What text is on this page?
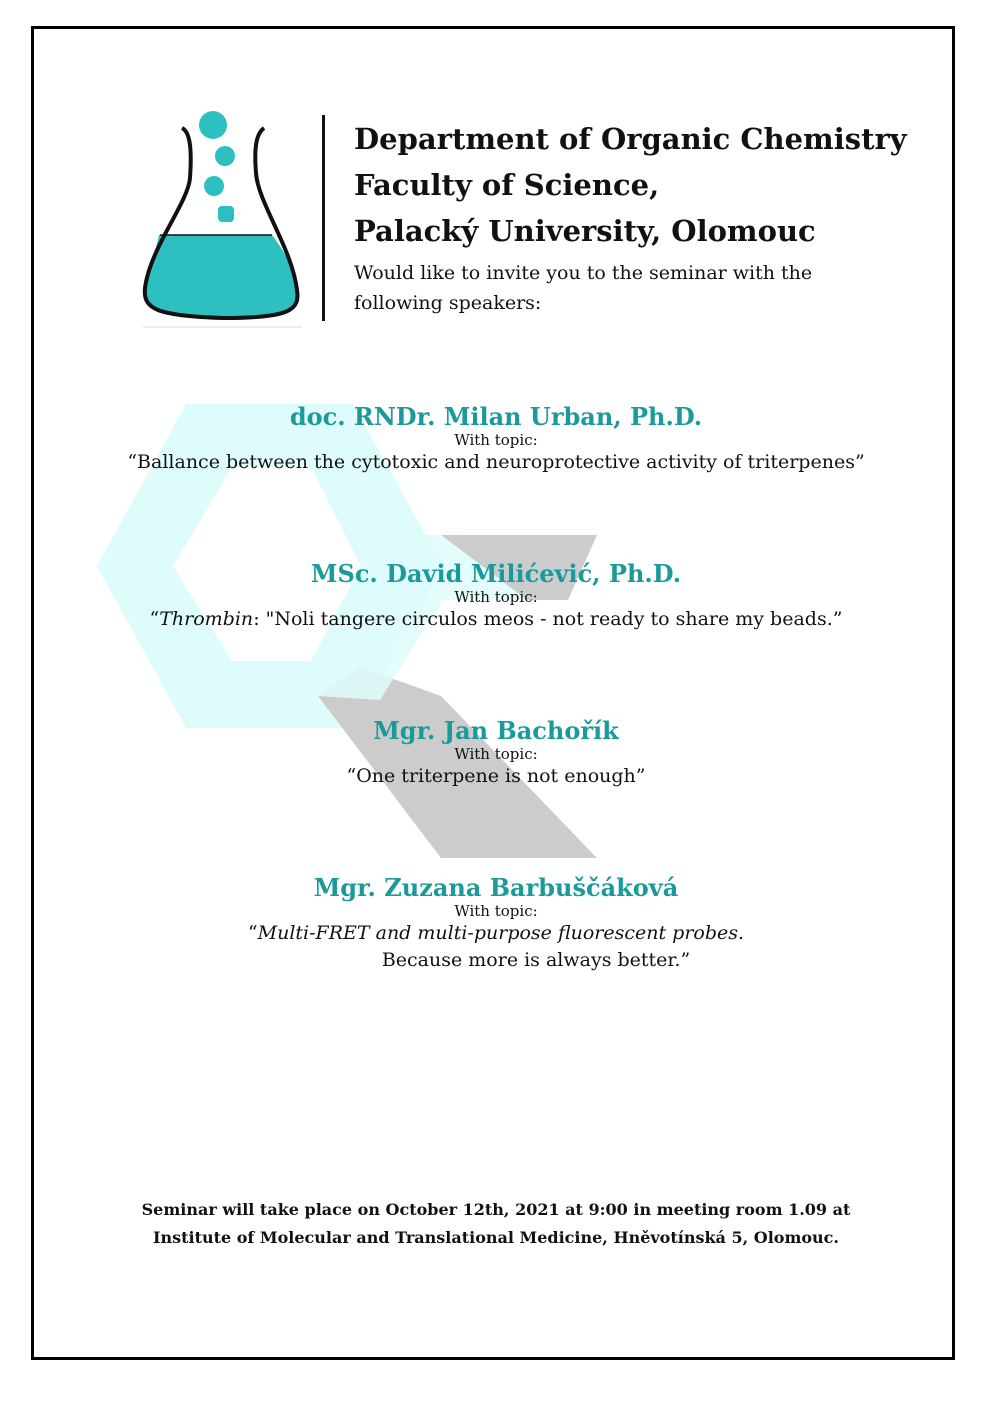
Department of Organic Chemistry
Faculty of Science,
Palacký University, Olomouc
Would like to invite you to the seminar with the
following speakers:
doc. RNDr. Milan Urban, Ph.D.
With topic:
“Ballance between the cytotoxic and neuroprotective activity of triterpenes”
MSc. David Milićević, Ph.D.
With topic:
“Thrombin: "Noli tangere circulos meos - not ready to share my beads.”
Mgr. Jan Bachořík
With topic:
“One triterpene is not enough”
Mgr. Zuzana Barbuščáková
With topic:
“Multi-FRET and multi-purpose fluorescent probes.
Because more is always better.”
Seminar will take place on October 12th, 2021 at 9:00 in meeting room 1.09 at
Institute of Molecular and Translational Medicine, Hněvotínská 5, Olomouc.
